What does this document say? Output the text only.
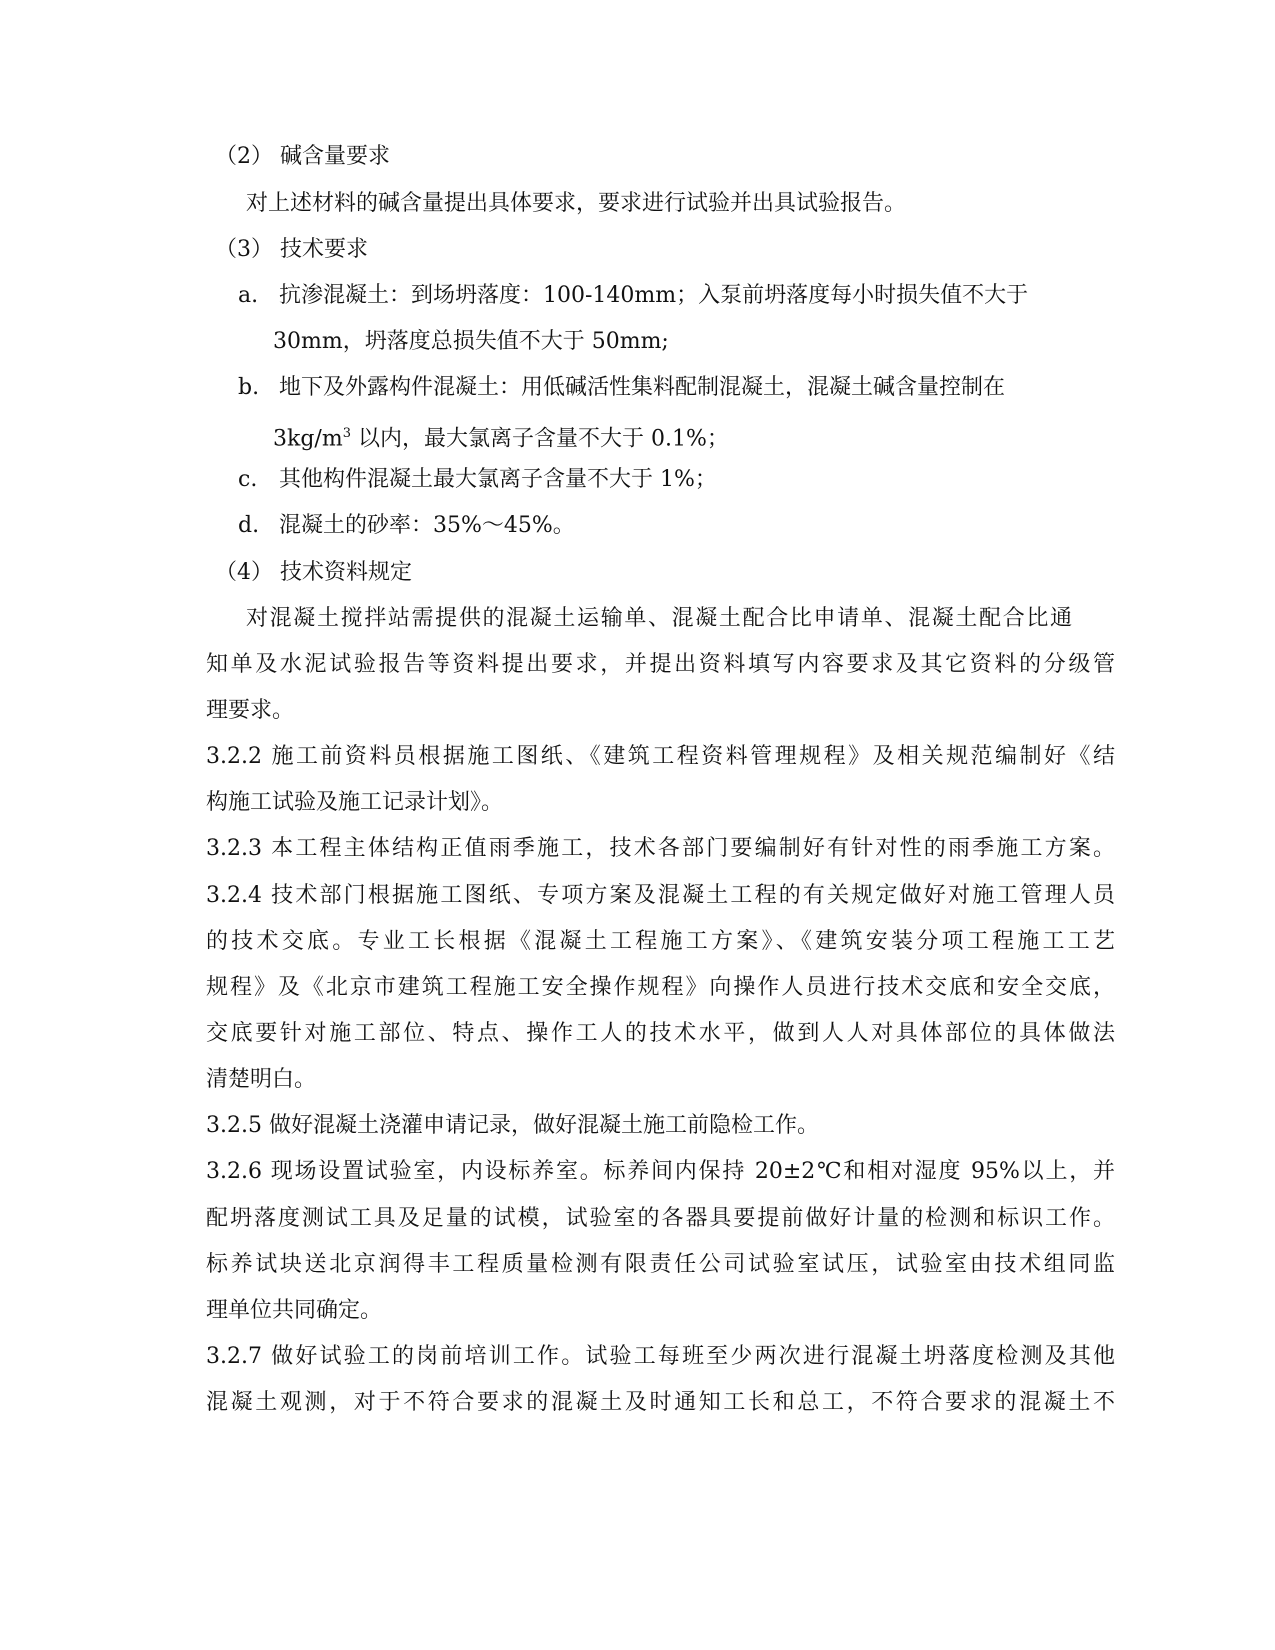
（2） 碱含量要求
对上述材料的碱含量提出具体要求，要求进行试验并出具试验报告。
（3） 技术要求
a. 抗渗混凝土：到场坍落度：100-140mm；入泵前坍落度每小时损失值不大于
30mm，坍落度总损失值不大于 50mm;
b. 地下及外露构件混凝土：用低碱活性集料配制混凝土，混凝土碱含量控制在
$3kg/m^3$ 以内，最大氯离子含量不大于 0.1%；
c. 其他构件混凝土最大氯离子含量不大于 1%；
d. 混凝土的砂率：35%～45%。
（4） 技术资料规定
对混凝土搅拌站需提供的混凝土运输单、混凝土配合比申请单、混凝土配合比通
知单及水泥试验报告等资料提出要求，并提出资料填写内容要求及其它资料的分级管
理要求。
3.2.2 施工前资料员根据施工图纸、《建筑工程资料管理规程》及相关规范编制好《结
构施工试验及施工记录计划》。
3.2.3 本工程主体结构正值雨季施工，技术各部门要编制好有针对性的雨季施工方案。
3.2.4 技术部门根据施工图纸、专项方案及混凝土工程的有关规定做好对施工管理人员
的技术交底。专业工长根据《混凝土工程施工方案》、《建筑安装分项工程施工工艺
规程》及《北京市建筑工程施工安全操作规程》向操作人员进行技术交底和安全交底，
交底要针对施工部位、特点、操作工人的技术水平，做到人人对具体部位的具体做法
清楚明白。
3.2.5 做好混凝土浇灌申请记录，做好混凝土施工前隐检工作。
3.2.6 现场设置试验室，内设标养室。标养间内保持 20±2℃和相对湿度 95%以上，并
配坍落度测试工具及足量的试模，试验室的各器具要提前做好计量的检测和标识工作。
标养试块送北京润得丰工程质量检测有限责任公司试验室试压，试验室由技术组同监
理单位共同确定。
3.2.7 做好试验工的岗前培训工作。试验工每班至少两次进行混凝土坍落度检测及其他
混凝土观测，对于不符合要求的混凝土及时通知工长和总工，不符合要求的混凝土不
